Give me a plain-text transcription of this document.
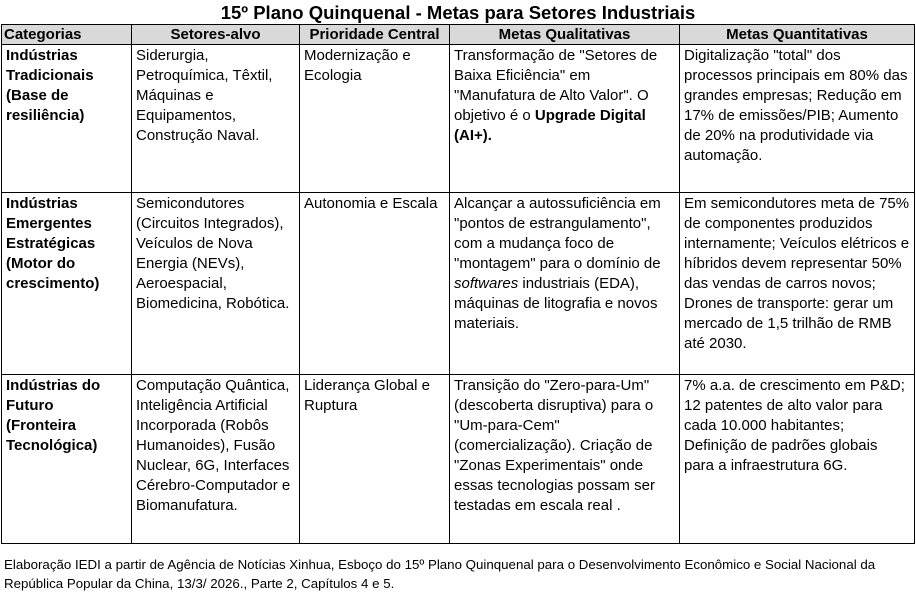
15º Plano Quinquenal - Metas para Setores Industriais
Categorias	Setores-alvo	Prioridade Central	Metas Qualitativas	Metas Quantitativas
Indústrias Tradicionais (Base de resiliência)	Siderurgia, Petroquímica, Têxtil, Máquinas e Equipamentos, Construção Naval.	Modernização e Ecologia	Transformação de "Setores de Baixa Eficiência" em "Manufatura de Alto Valor". O objetivo é o Upgrade Digital (AI+).	Digitalização "total" dos processos principais em 80% das grandes empresas; Redução em 17% de emissões/PIB; Aumento de 20% na produtividade via automação.
Indústrias Emergentes Estratégicas (Motor do crescimento)	Semicondutores (Circuitos Integrados), Veículos de Nova Energia (NEVs), Aeroespacial, Biomedicina, Robótica.	Autonomia e Escala	Alcançar a autossuficiência em "pontos de estrangulamento", com a mudança foco de "montagem" para o domínio de softwares industriais (EDA), máquinas de litografia e novos materiais.	Em semicondutores meta de 75% de componentes produzidos internamente; Veículos elétricos e híbridos devem representar 50% das vendas de carros novos; Drones de transporte: gerar um mercado de 1,5 trilhão de RMB até 2030.
Indústrias do Futuro (Fronteira Tecnológica)	Computação Quântica, Inteligência Artificial Incorporada (Robôs Humanoides), Fusão Nuclear, 6G, Interfaces Cérebro-Computador e Biomanufatura.	Liderança Global e Ruptura	Transição do "Zero-para-Um" (descoberta disruptiva) para o "Um-para-Cem" (comercialização). Criação de "Zonas Experimentais" onde essas tecnologias possam ser testadas em escala real .	7% a.a. de crescimento em P&D; 12 patentes de alto valor para cada 10.000 habitantes; Definição de padrões globais para a infraestrutura 6G.
Elaboração IEDI a partir de Agência de Notícias Xinhua, Esboço do 15º Plano Quinquenal para o Desenvolvimento Econômico e Social Nacional da República Popular da China, 13/3/ 2026., Parte 2, Capítulos 4 e 5.
